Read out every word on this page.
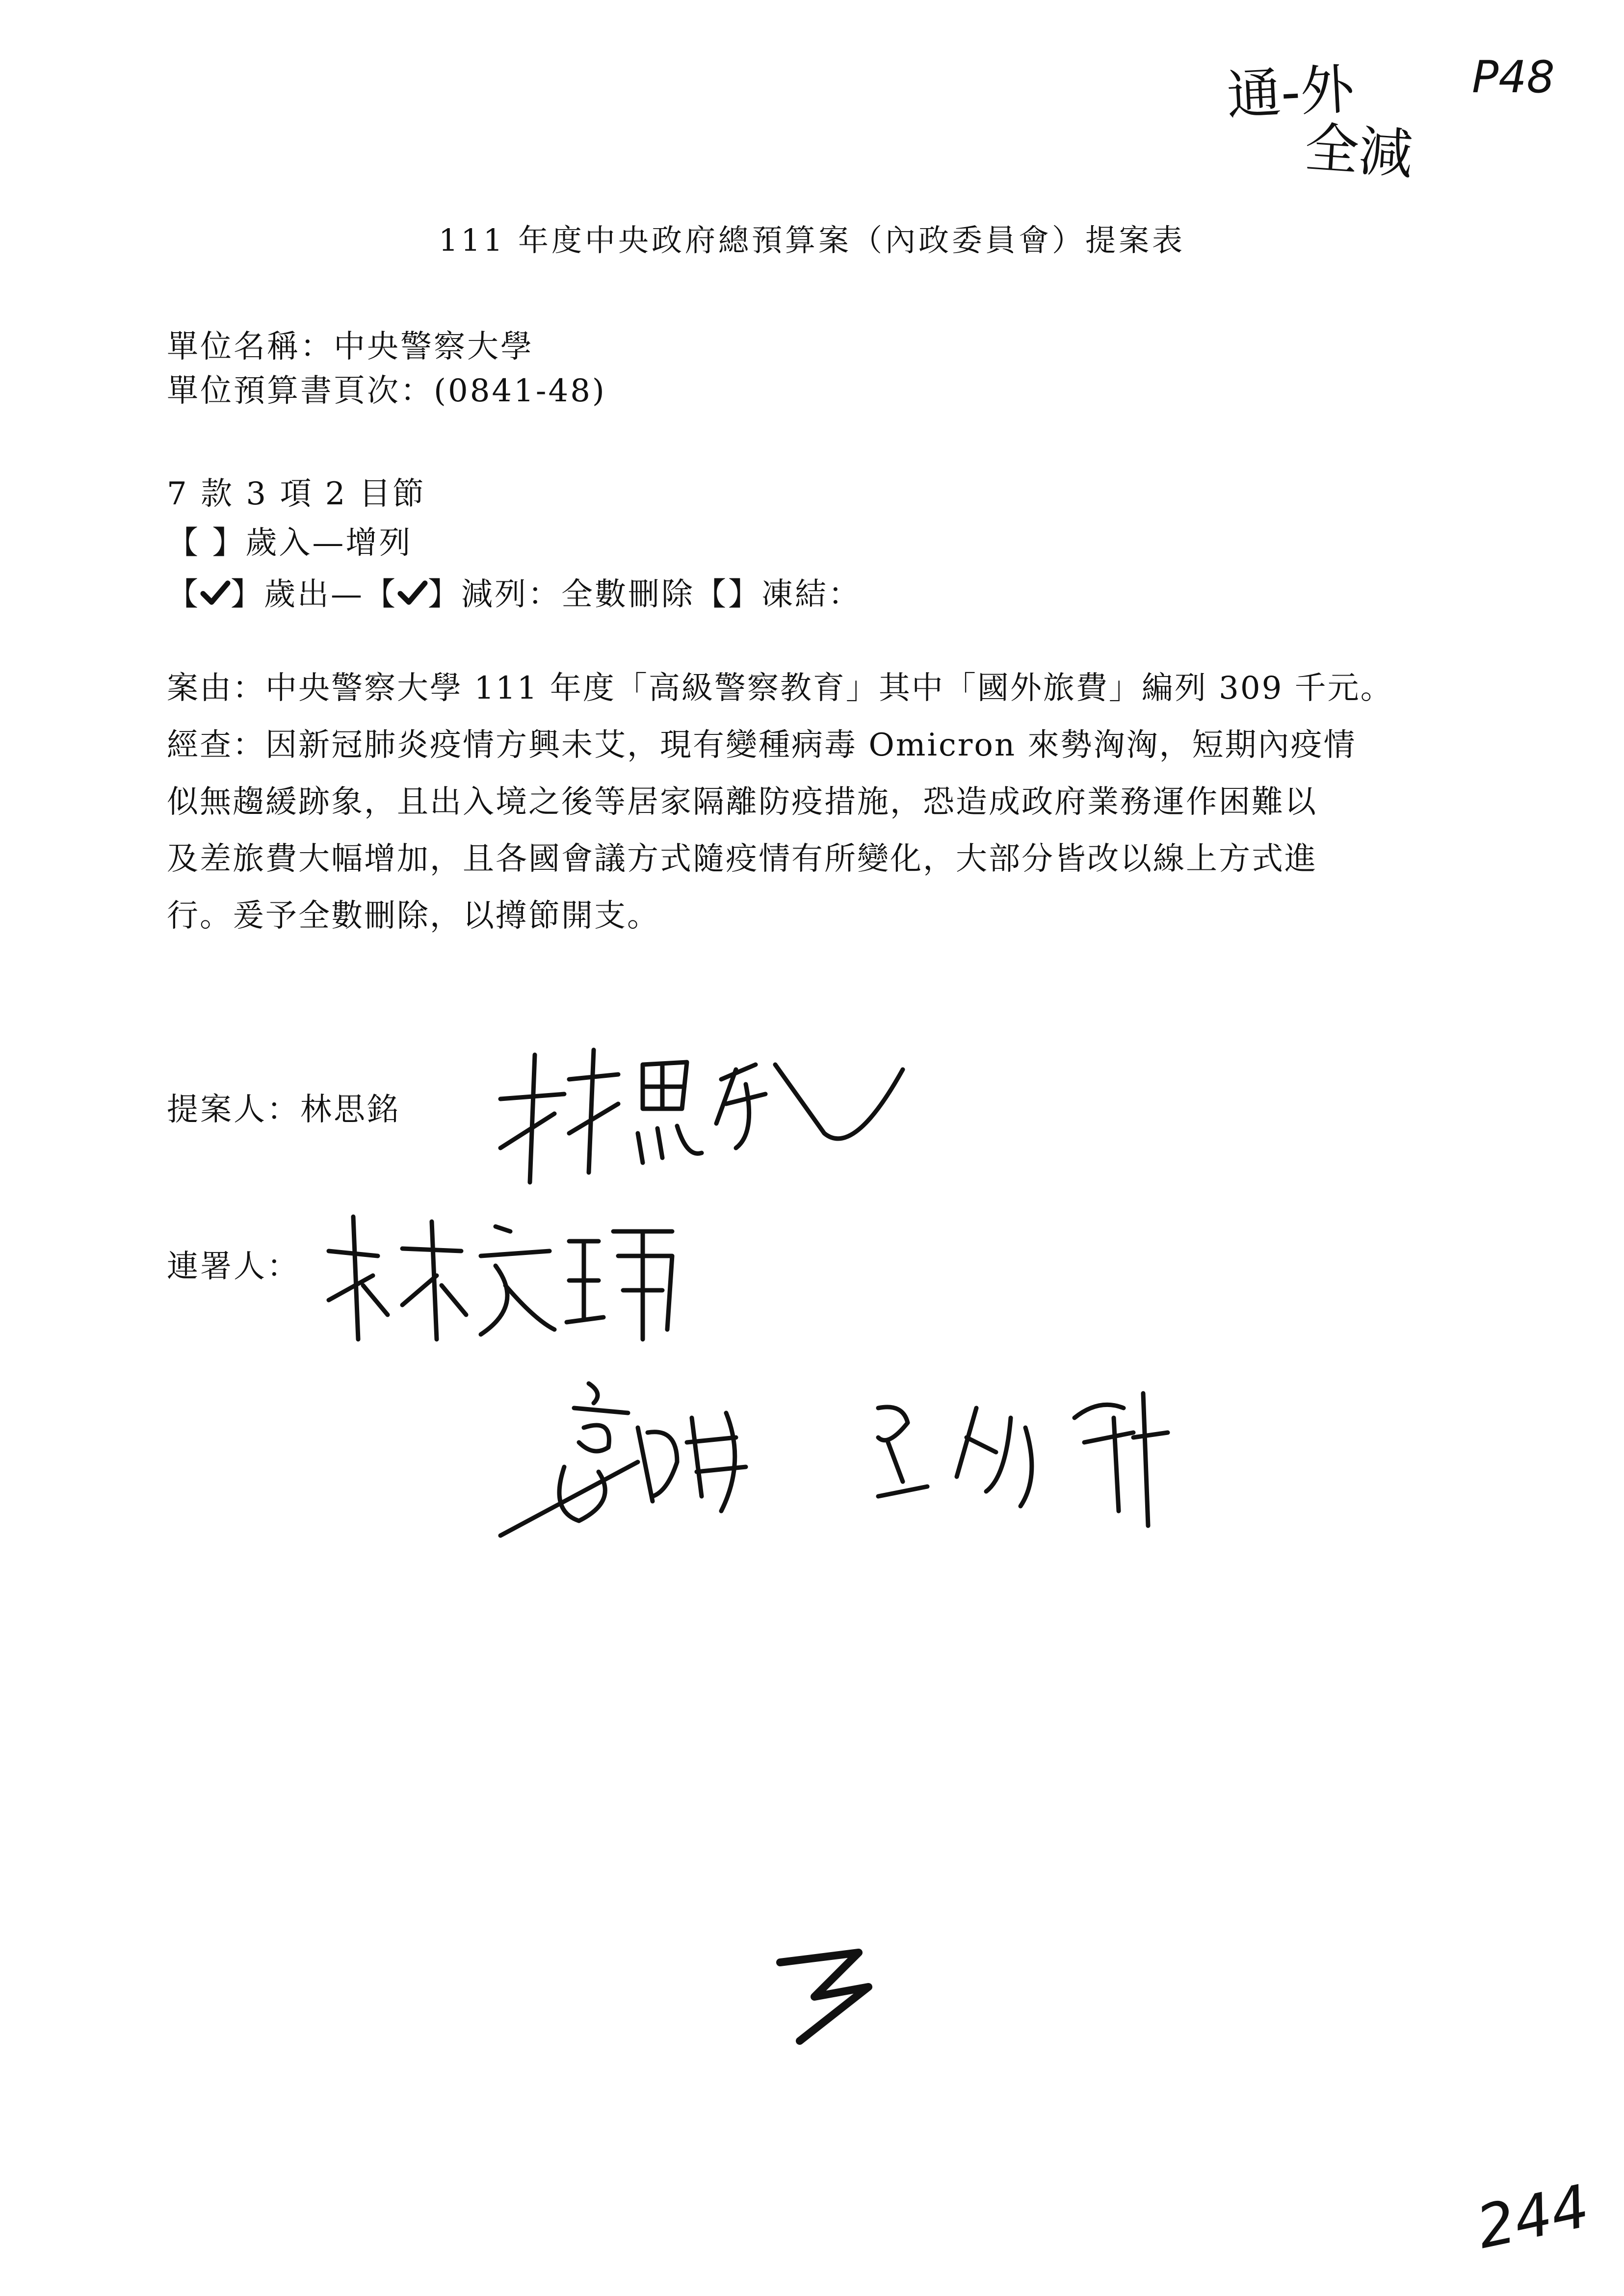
通-外
全減
P48
111 年度中央政府總預算案（內政委員會）提案表
單位名稱：中央警察大學
單位預算書頁次：(0841-48)
7 款 3 項 2 目節
【 】歲入—增列
【 】歲出—【 】減列：全數刪除【】凍結：

案由：中央警察大學 111 年度「高級警察教育」其中「國外旅費」編列 309 千元。

經查：因新冠肺炎疫情方興未艾，現有變種病毒 Omicron 來勢洶洶，短期內疫情

似無趨緩跡象，且出入境之後等居家隔離防疫措施，恐造成政府業務運作困難以

及差旅費大幅增加，且各國會議方式隨疫情有所變化，大部分皆改以線上方式進

行。爰予全數刪除，以撙節開支。

提案人：林思銘
連署人：
244
